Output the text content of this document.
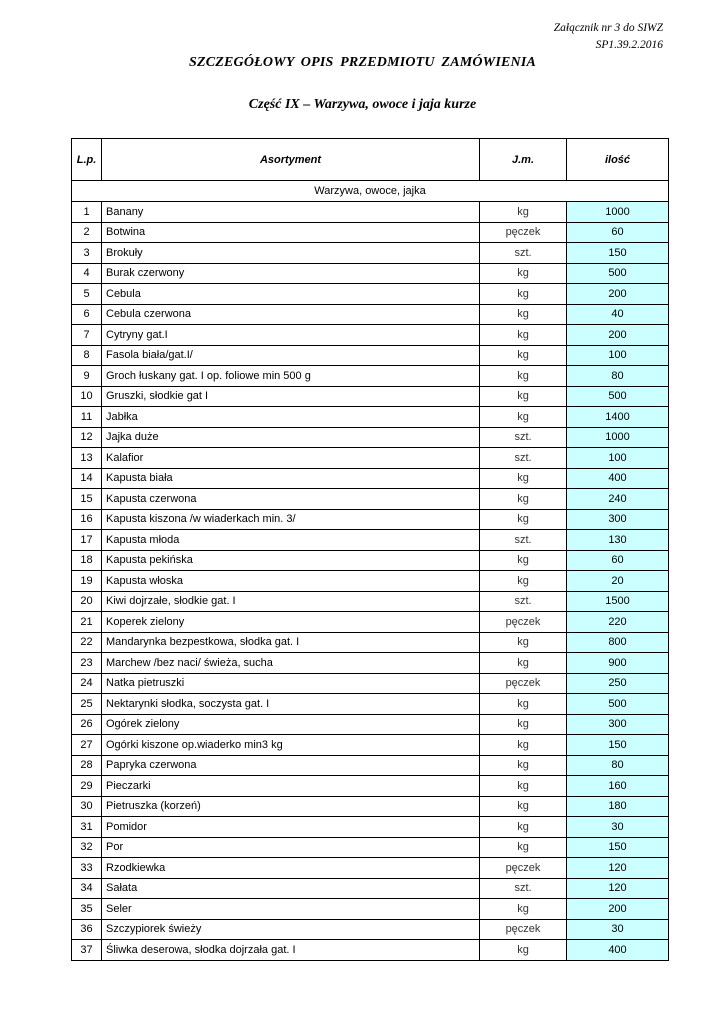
Załącznik nr 3 do SIWZ
SP1.39.2.2016
SZCZEGÓŁOWY OPIS PRZEDMIOTU ZAMÓWIENIA
Część IX – Warzywa, owoce i jaja kurze
L.p.	Asortyment	J.m.	ilość
Warzywa, owoce, jajka			
1	Banany	kg	1000
2	Botwina	pęczek	60
3	Brokuły	szt.	150
4	Burak czerwony	kg	500
5	Cebula	kg	200
6	Cebula czerwona	kg	40
7	Cytryny gat.I	kg	200
8	Fasola biała/gat.I/	kg	100
9	Groch łuskany gat. I op. foliowe min 500 g	kg	80
10	Gruszki, słodkie gat I	kg	500
11	Jabłka	kg	1400
12	Jajka duże	szt.	1000
13	Kalafior	szt.	100
14	Kapusta biała	kg	400
15	Kapusta czerwona	kg	240
16	Kapusta kiszona /w wiaderkach min. 3/	kg	300
17	Kapusta młoda	szt.	130
18	Kapusta pekińska	kg	60
19	Kapusta włoska	kg	20
20	Kiwi dojrzałe, słodkie gat. I	szt.	1500
21	Koperek zielony	pęczek	220
22	Mandarynka bezpestkowa, słodka gat. I	kg	800
23	Marchew /bez naci/ świeża, sucha	kg	900
24	Natka pietruszki	pęczek	250
25	Nektarynki słodka, soczysta gat. I	kg	500
26	Ogórek zielony	kg	300
27	Ogórki kiszone op.wiaderko min3 kg	kg	150
28	Papryka czerwona	kg	80
29	Pieczarki	kg	160
30	Pietruszka (korzeń)	kg	180
31	Pomidor	kg	30
32	Por	kg	150
33	Rzodkiewka	pęczek	120
34	Sałata	szt.	120
35	Seler	kg	200
36	Szczypiorek świeży	pęczek	30
37	Śliwka deserowa, słodka dojrzała gat. I	kg	400
